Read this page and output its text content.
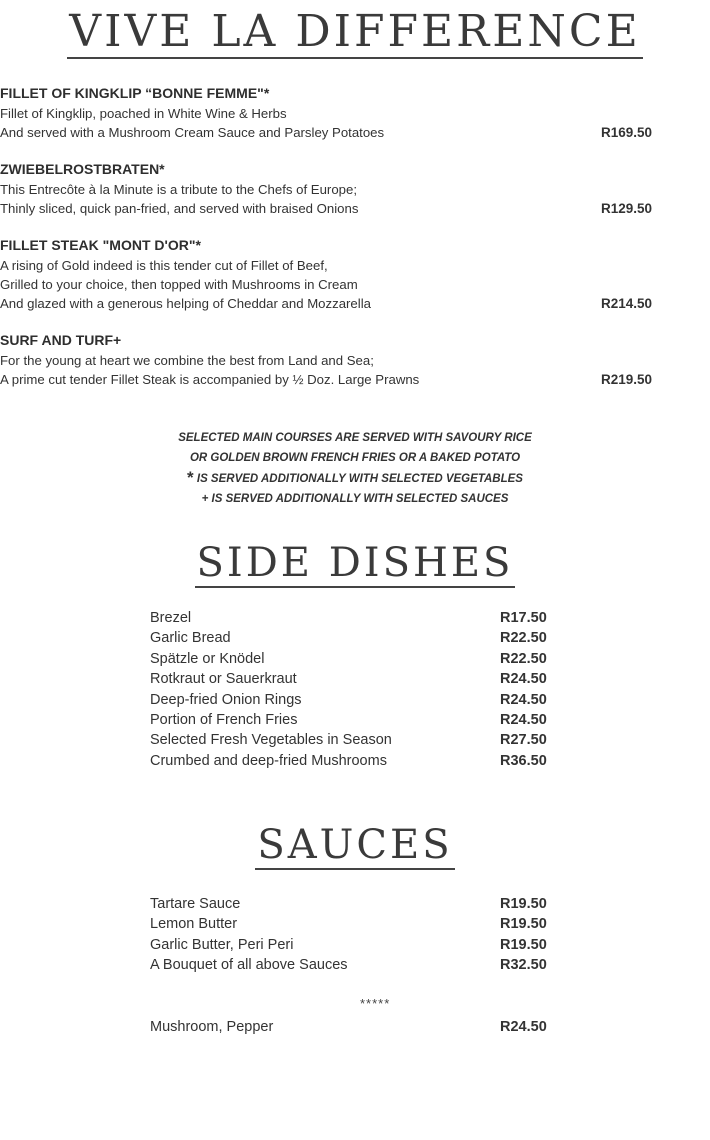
VIVE LA DIFFERENCE
FILLET OF KINGKLIP “BONNE FEMME"*
Fillet of Kingklip, poached in White Wine & Herbs
And served with a Mushroom Cream Sauce and Parsley Potatoes	R169.50
ZWIEBELROSTBRATEN*
This Entrecôte à la Minute is a tribute to the Chefs of Europe;
Thinly sliced, quick pan-fried, and served with braised Onions	R129.50
FILLET STEAK "MONT D'OR"*
A rising of Gold indeed is this tender cut of Fillet of Beef,
Grilled to your choice, then topped with Mushrooms in Cream
And glazed with a generous helping of Cheddar and Mozzarella	R214.50
SURF AND TURF+
For the young at heart we combine the best from Land and Sea;
A prime cut tender Fillet Steak is accompanied by ½ Doz. Large Prawns	R219.50
SELECTED MAIN COURSES ARE SERVED WITH SAVOURY RICE
OR GOLDEN BROWN FRENCH FRIES OR A BAKED POTATO
* IS SERVED ADDITIONALLY WITH SELECTED VEGETABLES
+ IS SERVED ADDITIONALLY WITH SELECTED SAUCES
SIDE DISHES
Brezel	R17.50
Garlic Bread	R22.50
Spätzle or Knödel	R22.50
Rotkraut or Sauerkraut	R24.50
Deep-fried Onion Rings	R24.50
Portion of French Fries	R24.50
Selected Fresh Vegetables in Season	R27.50
Crumbed and deep-fried Mushrooms	R36.50
SAUCES
Tartare Sauce	R19.50
Lemon Butter	R19.50
Garlic Butter, Peri Peri	R19.50
A Bouquet of all above Sauces	R32.50
*****
Mushroom, Pepper	R24.50
